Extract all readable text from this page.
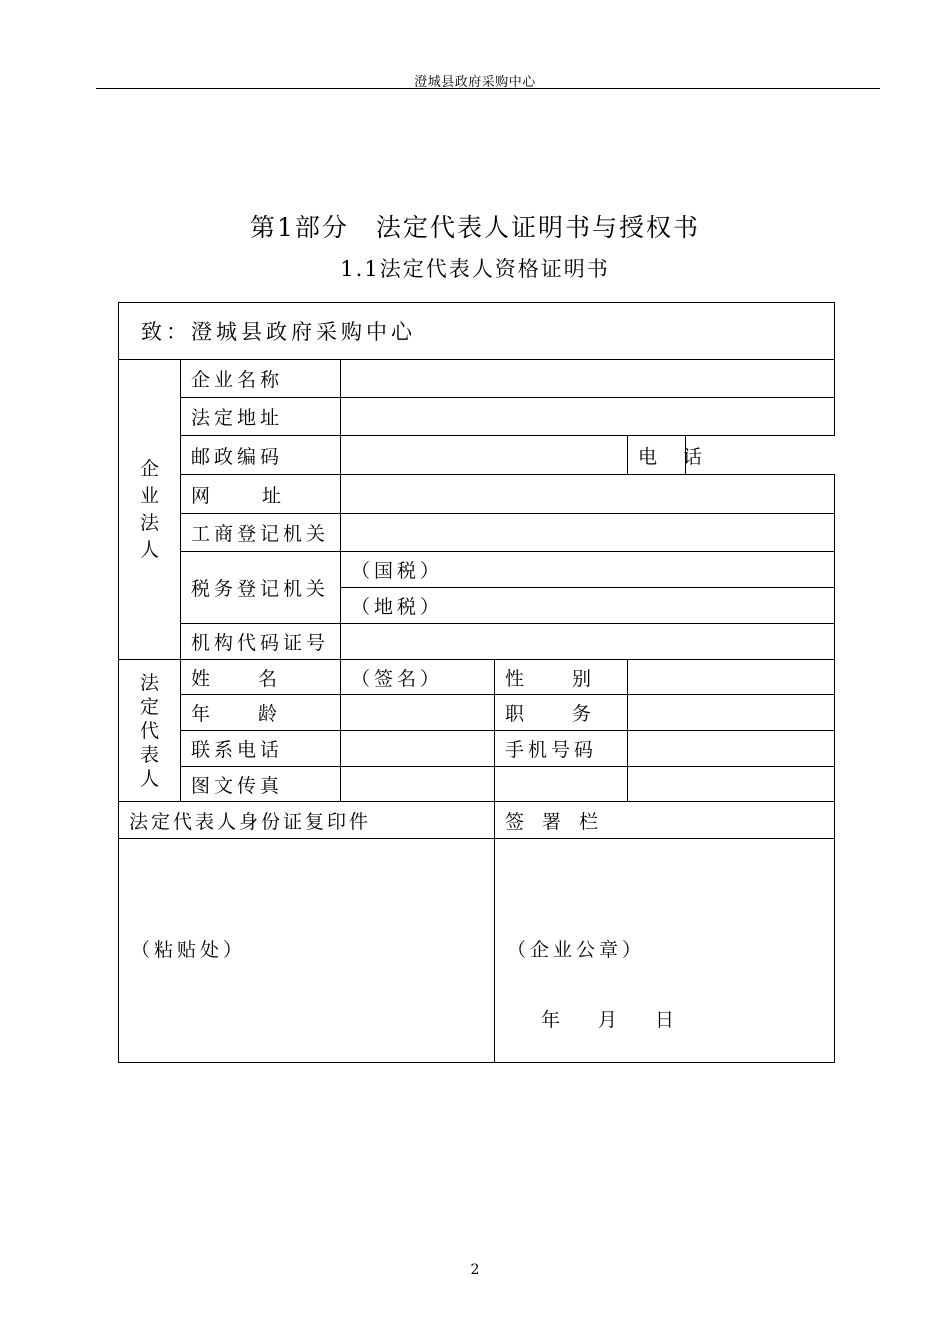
澄城县政府采购中心
第1部分　法定代表人证明书与授权书
1.1法定代表人资格证明书
致：澄城县政府采购中心					

企
业
法
人	企业名称				
	法定地址				
	邮政编码			电 话	
	网 址				
	工商登记机关				
	税务登记机关	（国税）			
		（地税）			
	机构代码证号				

法
定
代
表
人	姓 名	（签名）	性 别		
	年 龄		职 务		
	联系电话		手机号码		
	图文传真				
法定代表人身份证复印件			签 署 栏		

（粘贴处）			（企业公章）
年 月 日		
2
